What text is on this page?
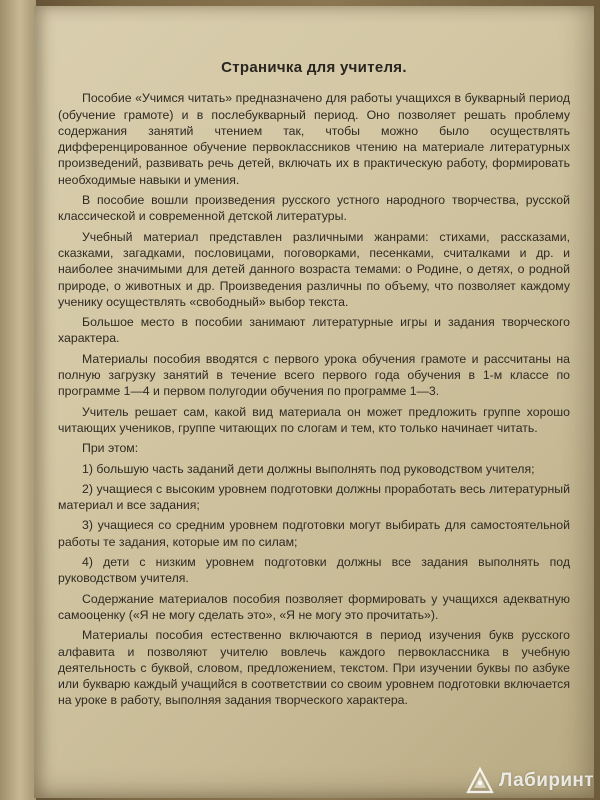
Страничка для учителя.

Пособие «Учимся читать» предназначено для работы учащихся в букварный период (обучение грамоте) и в послебукварный период. Оно позволяет решать проблему содержания занятий чтением так, чтобы можно было осуществлять дифференцированное обучение первоклассников чтению на материале литературных произведений, развивать речь детей, включать их в практическую работу, формировать необходимые навыки и умения.

В пособие вошли произведения русского устного народного творчества, русской классической и современной детской литературы.

Учебный материал представлен различными жанрами: стихами, рассказами, сказками, загадками, пословицами, поговорками, песенками, считалками и др. и наиболее значимыми для детей данного возраста темами: о Родине, о детях, о родной природе, о животных и др. Произведения различны по объему, что позволяет каждому ученику осуществлять «свободный» выбор текста.

Большое место в пособии занимают литературные игры и задания творческого характера.

Материалы пособия вводятся с первого урока обучения грамоте и рассчитаны на полную загрузку занятий в течение всего первого года обучения в 1-м классе по программе 1—4 и первом полугодии обучения по программе 1—3.

Учитель решает сам, какой вид материала он может предложить группе хорошо читающих учеников, группе читающих по слогам и тем, кто только начинает читать.

При этом:

1) большую часть заданий дети должны выполнять под руководством учителя;

2) учащиеся с высоким уровнем подготовки должны проработать весь литературный материал и все задания;

3) учащиеся со средним уровнем подготовки могут выбирать для самостоятельной работы те задания, которые им по силам;

4) дети с низким уровнем подготовки должны все задания выполнять под руководством учителя.

Содержание материалов пособия позволяет формировать у учащихся адекватную самооценку («Я не могу сделать это», «Я не могу это прочитать»).

Материалы пособия естественно включаются в период изучения букв русского алфавита и позволяют учителю вовлечь каждого первоклассника в учебную деятельность с буквой, словом, предложением, текстом. При изучении буквы по азбуке или букварю каждый учащийся в соответствии со своим уровнем подготовки включается на уроке в работу, выполняя задания творческого характера.

Лабиринт
